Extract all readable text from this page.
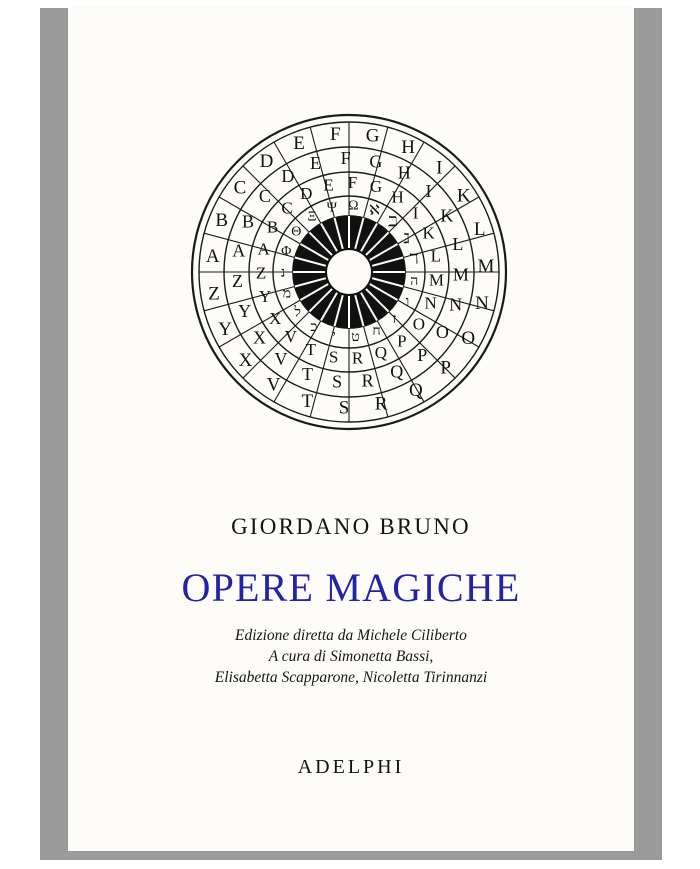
A
B
C
D
E F G
H
I
K
L
M
N
O
P
Q
R
S
T
V
X
Y
Z
A
B
C
D
E F G
H
I
K
L
M
N
O
P
Q
R
S
T
V
X
Y
Z
A
B
C
D E F G
H
I
K
L
M
N
O
P
Q
R
S
T
V
X
Y
Z
Φ
Θ
Ξ
Ψ Ω ℵ
ℶ
ℷ
ℸ
ה
ו
ז
ח
ט
י
כ
ל
מ
נ
GIORDANO BRUNO
OPERE MAGICHE
Edizione diretta da Michele Ciliberto
A cura di Simonetta Bassi,
Elisabetta Scapparone, Nicoletta Tirinnanzi
ADELPHI
